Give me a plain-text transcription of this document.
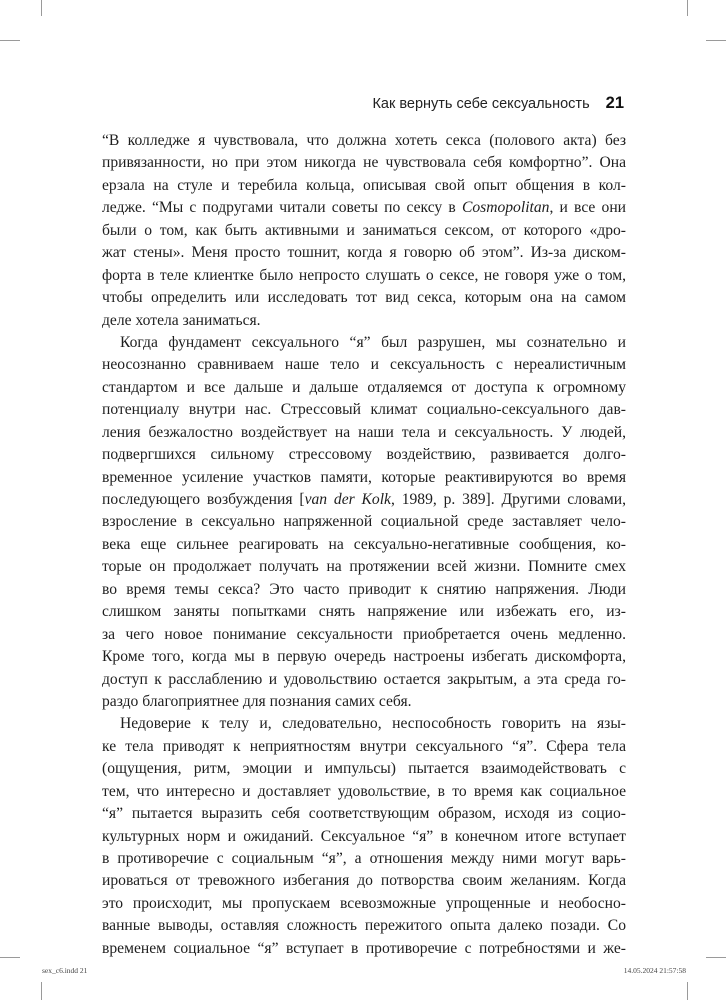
Как вернуть себе сексуальность 21
“В колледже я чувствовала, что должна хотеть секса (полового акта) без
привязанности, но при этом никогда не чувствовала себя комфортно”. Она
ерзала на стуле и теребила кольца, описывая свой опыт общения в кол-
ледже. “Мы с подругами читали советы по сексу в Cosmopolitan, и все они
были о том, как быть активными и заниматься сексом, от которого «дро-
жат стены». Меня просто тошнит, когда я говорю об этом”. Из-за диском-
форта в теле клиентке было непросто слушать о сексе, не говоря уже о том,
чтобы определить или исследовать тот вид секса, которым она на самом
деле хотела заниматься.
Когда фундамент сексуального “я” был разрушен, мы сознательно и
неосознанно сравниваем наше тело и сексуальность с нереалистичным
стандартом и все дальше и дальше отдаляемся от доступа к огромному
потенциалу внутри нас. Стрессовый климат социально-сексуального дав-
ления безжалостно воздействует на наши тела и сексуальность. У людей,
подвергшихся сильному стрессовому воздействию, развивается долго-
временное усиление участков памяти, которые реактивируются во время
последующего возбуждения [van der Kolk, 1989, p. 389]. Другими словами,
взросление в сексуально напряженной социальной среде заставляет чело-
века еще сильнее реагировать на сексуально-негативные сообщения, ко-
торые он продолжает получать на протяжении всей жизни. Помните смех
во время темы секса? Это часто приводит к снятию напряжения. Люди
слишком заняты попытками снять напряжение или избежать его, из-
за чего новое понимание сексуальности приобретается очень медленно.
Кроме того, когда мы в первую очередь настроены избегать дискомфорта,
доступ к расслаблению и удовольствию остается закрытым, а эта среда го-
раздо благоприятнее для познания самих себя.
Недоверие к телу и, следовательно, неспособность говорить на язы-
ке тела приводят к неприятностям внутри сексуального “я”. Сфера тела
(ощущения, ритм, эмоции и импульсы) пытается взаимодействовать с
тем, что интересно и доставляет удовольствие, в то время как социальное
“я” пытается выразить себя соответствующим образом, исходя из социо-
культурных норм и ожиданий. Сексуальное “я” в конечном итоге вступает
в противоречие с социальным “я”, а отношения между ними могут варь-
ироваться от тревожного избегания до потворства своим желаниям. Когда
это происходит, мы пропускаем всевозможные упрощенные и необосно-
ванные выводы, оставляя сложность пережитого опыта далеко позади. Со
временем социальное “я” вступает в противоречие с потребностями и же-
sex_c6.indd 21	14.05.2024 21:57:58
